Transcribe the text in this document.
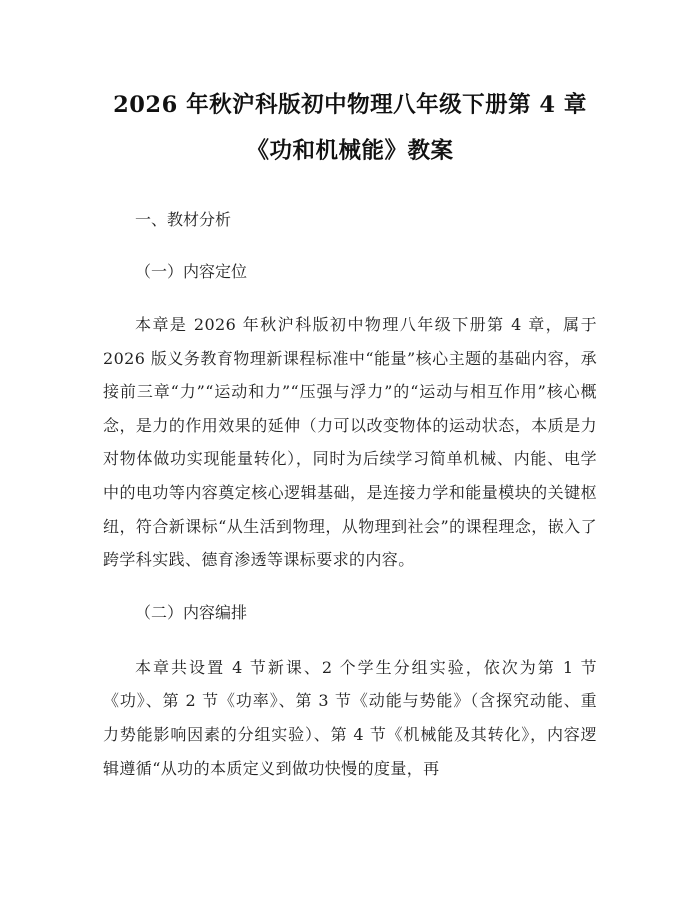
2026 年秋沪科版初中物理八年级下册第 4 章
《功和机械能》教案

一、教材分析

（一）内容定位

本章是 2026 年秋沪科版初中物理八年级下册第 4 章，属于 2026 版义务教育物理新课程标准中“能量”核心主题的基础内容，承接前三章“力”“运动和力”“压强与浮力”的“运动与相互作用”核心概念，是力的作用效果的延伸（力可以改变物体的运动状态，本质是力对物体做功实现能量转化），同时为后续学习简单机械、内能、电学中的电功等内容奠定核心逻辑基础，是连接力学和能量模块的关键枢纽，符合新课标“从生活到物理，从物理到社会”的课程理念，嵌入了跨学科实践、德育渗透等课标要求的内容。

（二）内容编排

本章共设置 4 节新课、2 个学生分组实验，依次为第 1 节《功》、第 2 节《功率》、第 3 节《动能与势能》（含探究动能、重力势能影响因素的分组实验）、第 4 节《机械能及其转化》，内容逻辑遵循“从功的本质定义到做功快慢的度量，再
